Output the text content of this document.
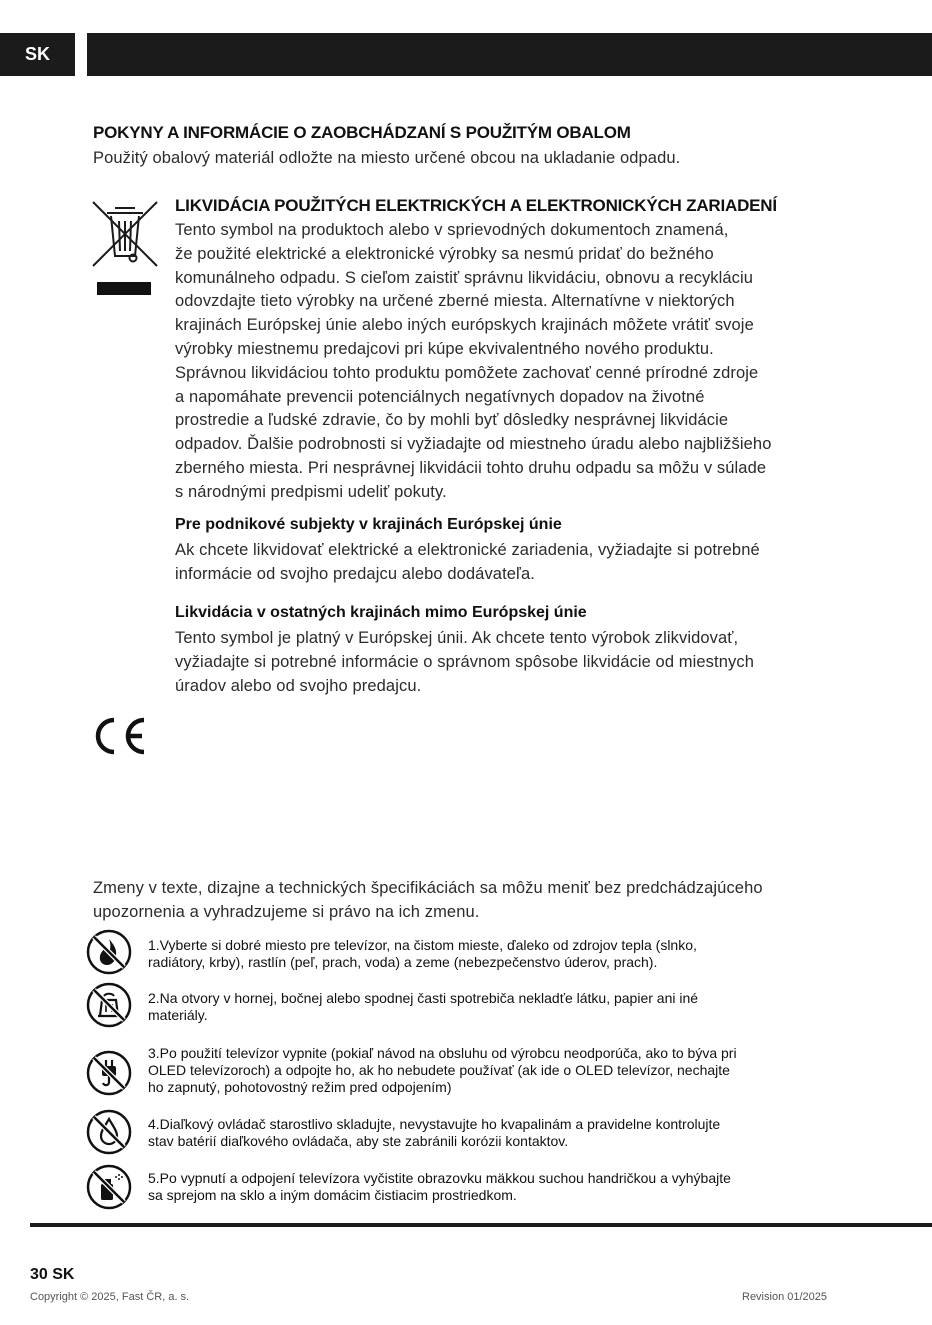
SK
POKYNY A INFORMÁCIE O ZAOBCHÁDZANÍ S POUŽITÝM OBALOM
Použitý obalový materiál odložte na miesto určené obcou na ukladanie odpadu.
LIKVIDÁCIA POUŽITÝCH ELEKTRICKÝCH A ELEKTRONICKÝCH ZARIADENÍ
Tento symbol na produktoch alebo v sprievodných dokumentoch znamená,
že použité elektrické a elektronické výrobky sa nesmú pridať do bežného
komunálneho odpadu. S cieľom zaistiť správnu likvidáciu, obnovu a recykláciu
odovzdajte tieto výrobky na určené zberné miesta. Alternatívne v niektorých
krajinách Európskej únie alebo iných európskych krajinách môžete vrátiť svoje
výrobky miestnemu predajcovi pri kúpe ekvivalentného nového produktu.
Správnou likvidáciou tohto produktu pomôžete zachovať cenné prírodné zdroje
a napomáhate prevencii potenciálnych negatívnych dopadov na životné
prostredie a ľudské zdravie, čo by mohli byť dôsledky nesprávnej likvidácie
odpadov. Ďalšie podrobnosti si vyžiadajte od miestneho úradu alebo najbližšieho
zberného miesta. Pri nesprávnej likvidácii tohto druhu odpadu sa môžu v súlade
s národnými predpismi udeliť pokuty.
Pre podnikové subjekty v krajinách Európskej únie
Ak chcete likvidovať elektrické a elektronické zariadenia, vyžiadajte si potrebné
informácie od svojho predajcu alebo dodávateľa.
Likvidácia v ostatných krajinách mimo Európskej únie
Tento symbol je platný v Európskej únii. Ak chcete tento výrobok zlikvidovať,
vyžiadajte si potrebné informácie o správnom spôsobe likvidácie od miestnych
úradov alebo od svojho predajcu.
Zmeny v texte, dizajne a technických špecifikáciách sa môžu meniť bez predchádzajúceho
upozornenia a vyhradzujeme si právo na ich zmenu.
1.Vyberte si dobré miesto pre televízor, na čistom mieste, ďaleko od zdrojov tepla (slnko,
radiátory, krby), rastlín (peľ, prach, voda) a zeme (nebezpečenstvo úderov, prach).
2.Na otvory v hornej, bočnej alebo spodnej časti spotrebiča nekladťe látku, papier ani iné
materiály.
3.Po použití televízor vypnite (pokiaľ návod na obsluhu od výrobcu neodporúča, ako to býva pri
OLED televízoroch) a odpojte ho, ak ho nebudete používať (ak ide o OLED televízor, nechajte
ho zapnutý, pohotovostný režim pred odpojením)
4.Diaľkový ovládač starostlivo skladujte, nevystavujte ho kvapalinám a pravidelne kontrolujte
stav batérií diaľkového ovládača, aby ste zabránili korózii kontaktov.
5.Po vypnutí a odpojení televízora vyčistite obrazovku mäkkou suchou handričkou a vyhýbajte
sa sprejom na sklo a iným domácim čistiacim prostriedkom.
30 SK
Copyright © 2025, Fast ČR, a. s.	Revision 01/2025
